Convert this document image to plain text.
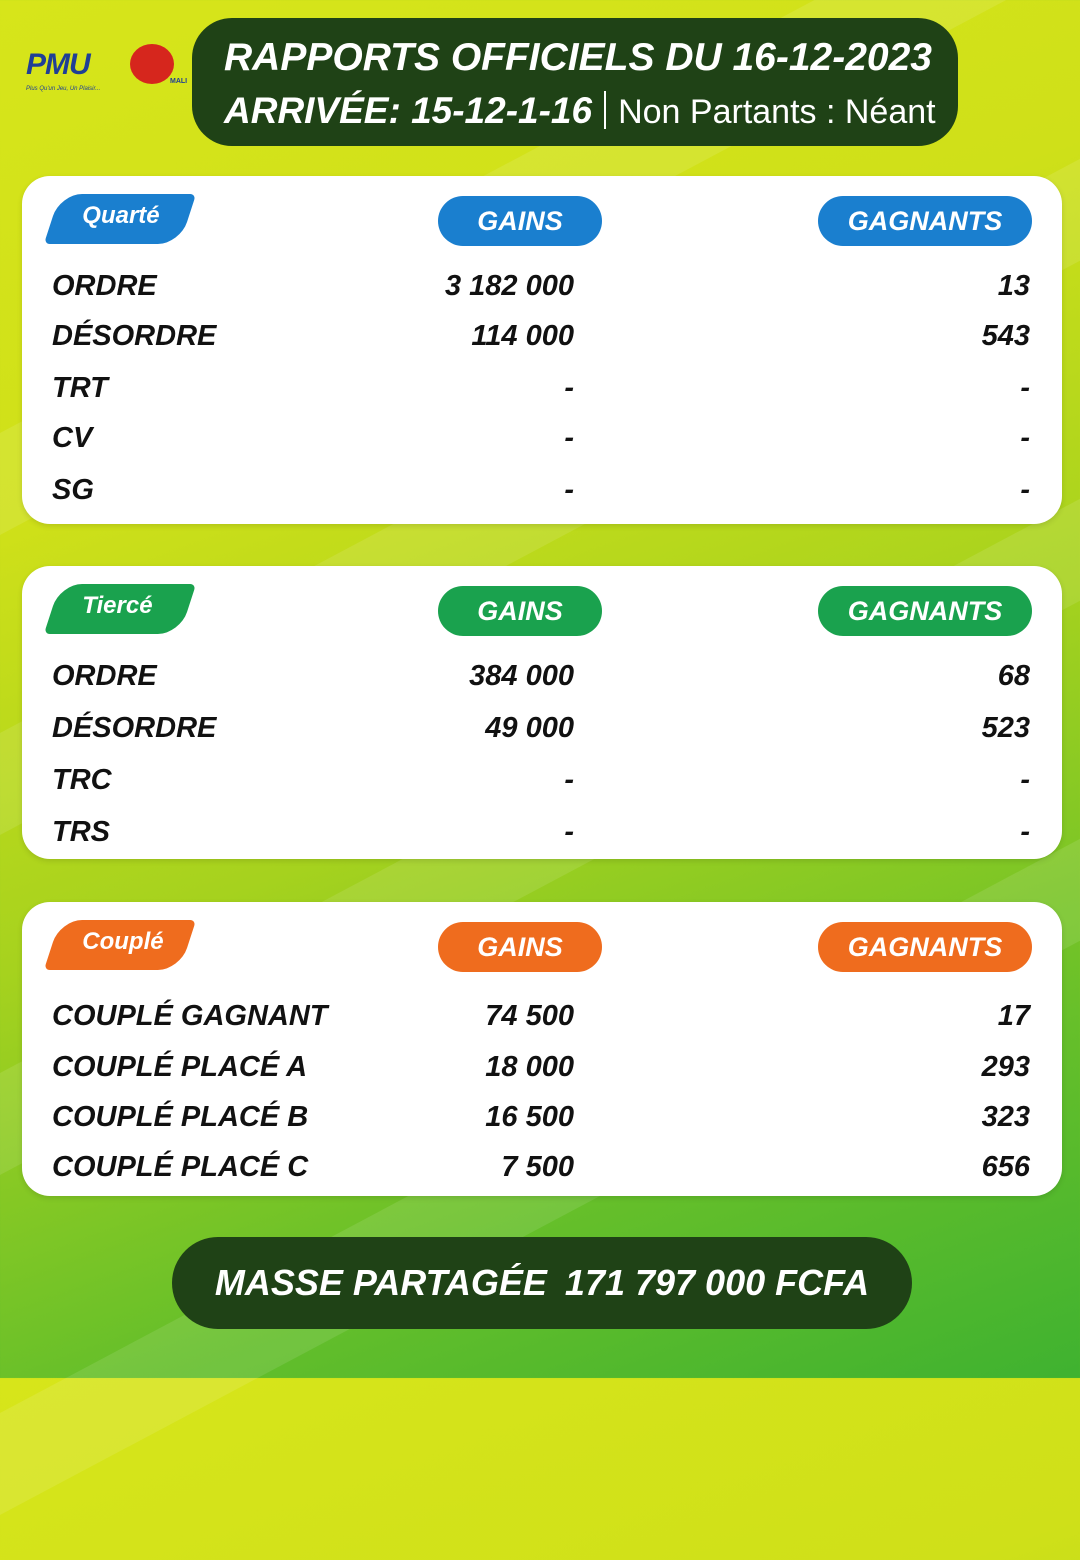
PMU
MALI
Plus Qu'un Jeu, Un Plaisir...
RAPPORTS OFFICIELS DU 16-12-2023
ARRIVÉE: 15-12-1-16 Non Partants : Néant
Quarté	GAINS	GAGNANTS
ORDRE	3 182 000	13
DÉSORDRE	114 000	543
TRT	-	-
CV	-	-
SG	-	-
Tiercé	GAINS	GAGNANTS
ORDRE	384 000	68
DÉSORDRE	49 000	523
TRC	-	-
TRS	-	-
Couplé	GAINS	GAGNANTS
COUPLÉ GAGNANT	74 500	17
COUPLÉ PLACÉ A	18 000	293
COUPLÉ PLACÉ B	16 500	323
COUPLÉ PLACÉ C	7 500	656
MASSE PARTAGÉE 171 797 000 FCFA
